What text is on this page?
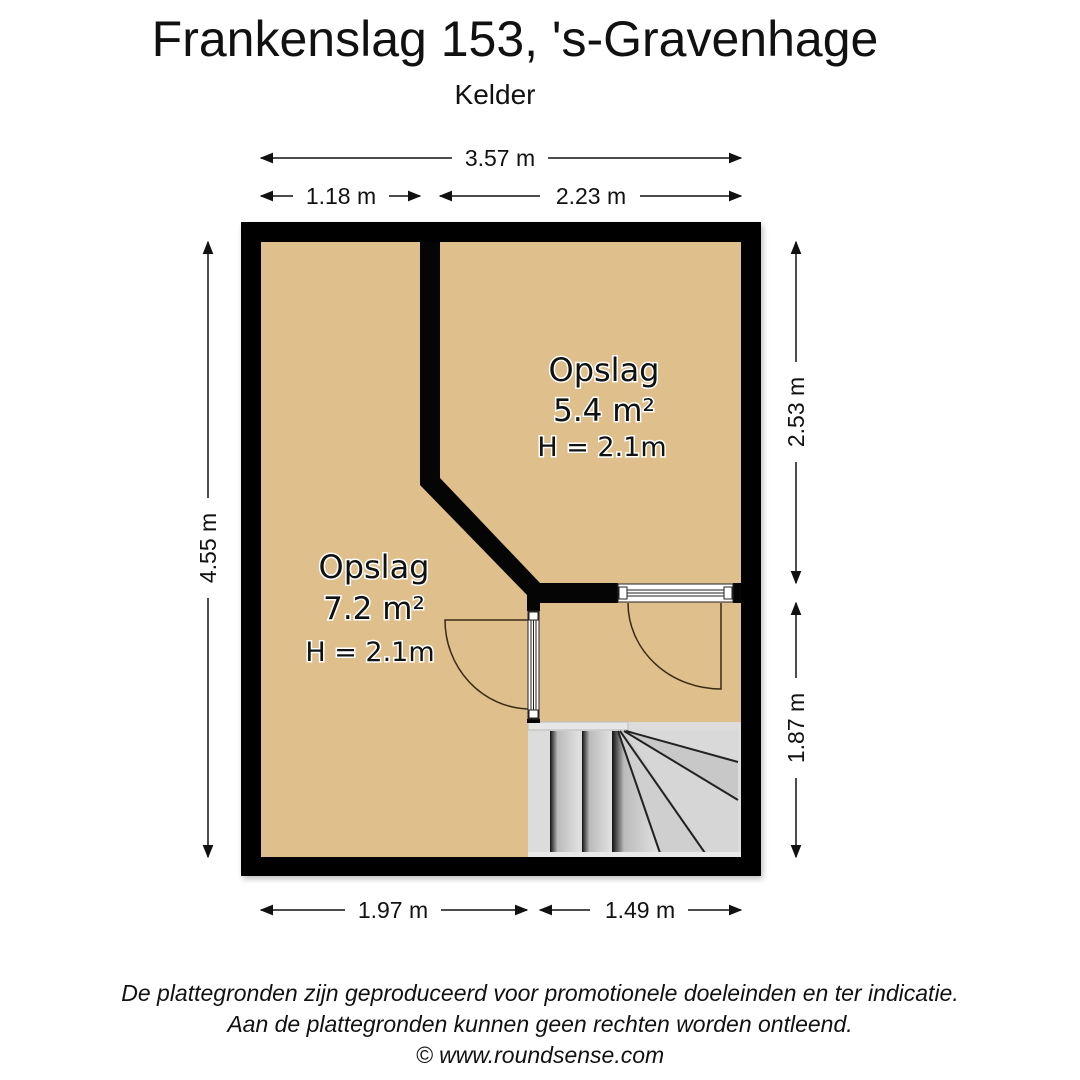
Frankenslag 153, 's-Gravenhage
Kelder
Opslag
5.4 m²
H = 2.1m
Opslag
7.2 m²
H = 2.1m
3.57 m
1.18 m	2.23 m
4.55 m
2.53 m
1.87 m
1.97 m	1.49 m
De plattegronden zijn geproduceerd voor promotionele doeleinden en ter indicatie.
Aan de plattegronden kunnen geen rechten worden ontleend.
© www.roundsense.com
